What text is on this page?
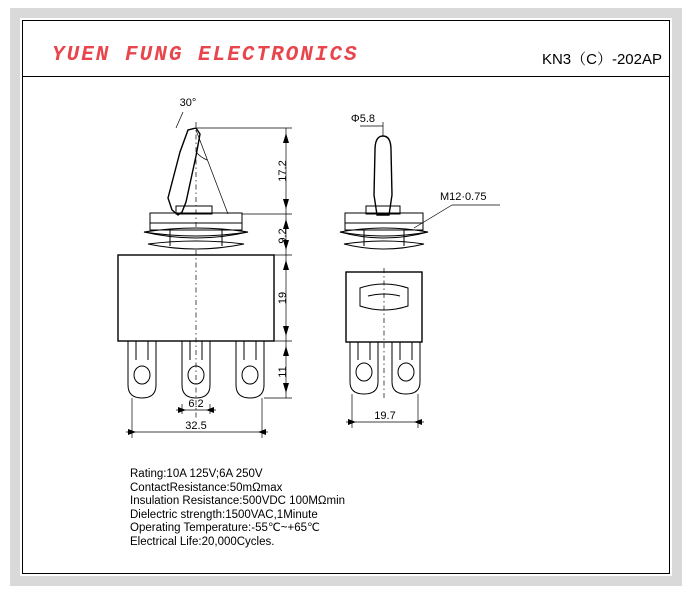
YUEN FUNG ELECTRONICS	KN3（C）-202AP
30°
17.2
9.2
19
11
6.2
32.5
Φ5.8
M12·0.75
19.7
Rating:10A 125V;6A 250V
ContactResistance:50mΩmax
Insulation Resistance:500VDC 100MΩmin
Dielectric strength:1500VAC,1Minute
Operating Temperature:-55℃~+65℃
Electrical Life:20,000Cycles.
